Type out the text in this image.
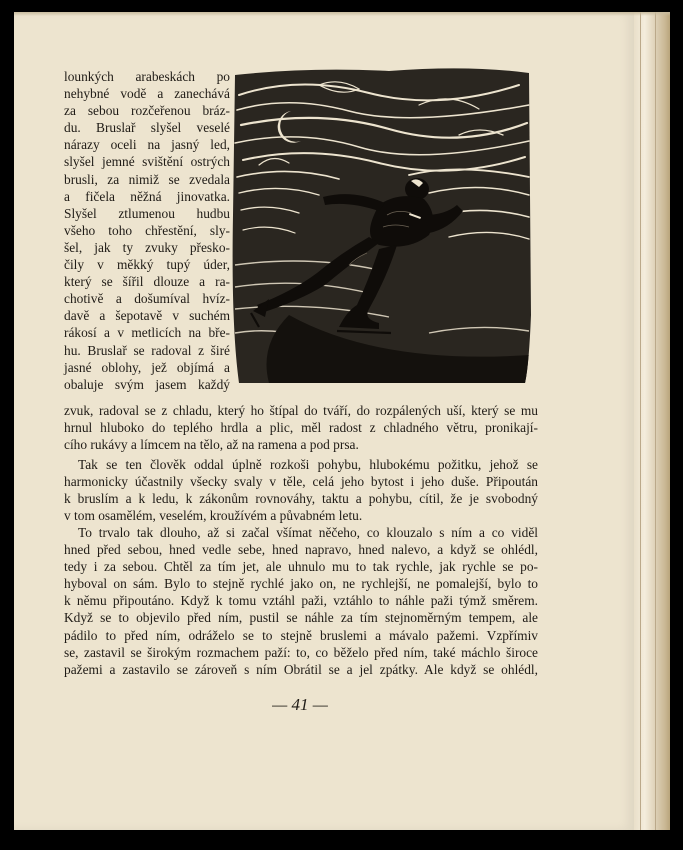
lounkých arabeskách po
nehybné vodě a zanechává
za sebou rozčeřenou bráz-
du. Bruslař slyšel veselé
nárazy oceli na jasný led,
slyšel jemné svištění ostrých
brusli, za nimiž se zvedala
a fičela něžná jinovatka.
Slyšel ztlumenou hudbu
všeho toho chřestění, sly-
šel, jak ty zvuky přesko-
čily v měkký tupý úder,
který se šířil dlouze a ra-
chotivě a došumíval hvíz-
davě a šepotavě v suchém
rákosí a v metlicích na bře-
hu. Bruslař se radoval z širé
jasné oblohy, jež objímá a
obaluje svým jasem každý
zvuk, radoval se z chladu, který ho štípal do tváří, do rozpálených uší, který se mu
hrnul hluboko do teplého hrdla a plic, měl radost z chladného větru, pronikají-
cího rukávy a límcem na tělo, až na ramena a pod prsa.
Tak se ten člověk oddal úplně rozkoši pohybu, hlubokému požitku, jehož se
harmonicky účastnily všecky svaly v těle, celá jeho bytost i jeho duše. Připoután
k bruslím a k ledu, k zákonům rovnováhy, taktu a pohybu, cítil, že je svobodný
v tom osamělém, veselém, kroužívém a půvabném letu.
To trvalo tak dlouho, až si začal všímat něčeho, co klouzalo s ním a co viděl
hned před sebou, hned vedle sebe, hned napravo, hned nalevo, a když se ohlédl,
tedy i za sebou. Chtěl za tím jet, ale uhnulo mu to tak rychle, jak rychle se po-
hyboval on sám. Bylo to stejně rychlé jako on, ne rychlejší, ne pomalejší, bylo to
k němu připoutáno. Když k tomu vztáhl paži, vztáhlo to náhle paži týmž směrem.
Když se to objevilo před ním, pustil se náhle za tím stejnoměrným tempem, ale
pádilo to před ním, odráželo se to stejně bruslemi a mávalo pažemi. Vzpřímiv
se, zastavil se širokým rozmachem paží: to, co běželo před ním, také máchlo široce
pažemi a zastavilo se zároveň s ním Obrátil se a jel zpátky. Ale když se ohlédl,
— 41 —
